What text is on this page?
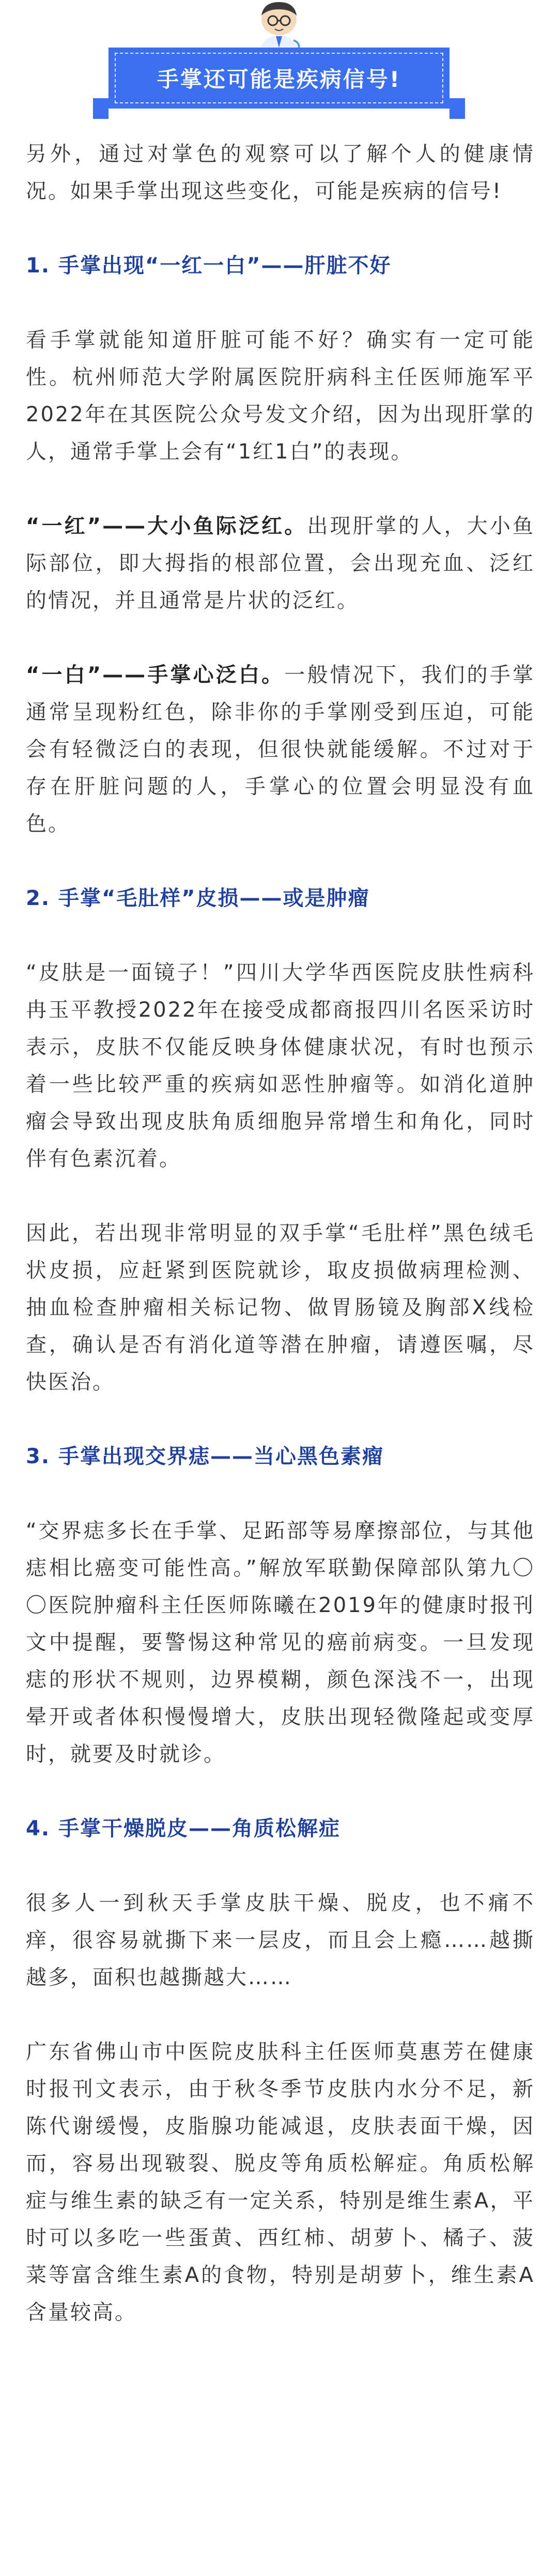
手掌还可能是疾病信号!

另外，通过对掌色的观察可以了解个人的健康情况。如果手掌出现这些变化，可能是疾病的信号!

1. 手掌出现“一红一白”——肝脏不好

看手掌就能知道肝脏可能不好？确实有一定可能性。杭州师范大学附属医院肝病科主任医师施军平2022年在其医院公众号发文介绍，因为出现肝掌的人，通常手掌上会有“1红1白”的表现。

“一红”——大小鱼际泛红。出现肝掌的人，大小鱼际部位，即大拇指的根部位置，会出现充血、泛红的情况，并且通常是片状的泛红。

“一白”——手掌心泛白。一般情况下，我们的手掌通常呈现粉红色，除非你的手掌刚受到压迫，可能会有轻微泛白的表现，但很快就能缓解。不过对于存在肝脏问题的人，手掌心的位置会明显没有血色。

2. 手掌“毛肚样”皮损——或是肿瘤

“皮肤是一面镜子！”四川大学华西医院皮肤性病科冉玉平教授2022年在接受成都商报四川名医采访时表示，皮肤不仅能反映身体健康状况，有时也预示着一些比较严重的疾病如恶性肿瘤等。如消化道肿瘤会导致出现皮肤角质细胞异常增生和角化，同时伴有色素沉着。

因此，若出现非常明显的双手掌“毛肚样”黑色绒毛状皮损，应赶紧到医院就诊，取皮损做病理检测、抽血检查肿瘤相关标记物、做胃肠镜及胸部X线检查，确认是否有消化道等潜在肿瘤，请遵医嘱，尽快医治。

3. 手掌出现交界痣——当心黑色素瘤

“交界痣多长在手掌、足跖部等易摩擦部位，与其他痣相比癌变可能性高。”解放军联勤保障部队第九〇〇医院肿瘤科主任医师陈曦在2019年的健康时报刊文中提醒，要警惕这种常见的癌前病变。一旦发现痣的形状不规则，边界模糊，颜色深浅不一，出现晕开或者体积慢慢增大，皮肤出现轻微隆起或变厚时，就要及时就诊。

4. 手掌干燥脱皮——角质松解症

很多人一到秋天手掌皮肤干燥、脱皮，也不痛不痒，很容易就撕下来一层皮，而且会上瘾……越撕越多，面积也越撕越大……

广东省佛山市中医院皮肤科主任医师莫惠芳在健康时报刊文表示，由于秋冬季节皮肤内水分不足，新陈代谢缓慢，皮脂腺功能减退，皮肤表面干燥，因而，容易出现皲裂、脱皮等角质松解症。角质松解症与维生素的缺乏有一定关系，特别是维生素A，平时可以多吃一些蛋黄、西红柿、胡萝卜、橘子、菠菜等富含维生素A的食物，特别是胡萝卜，维生素A含量较高。
